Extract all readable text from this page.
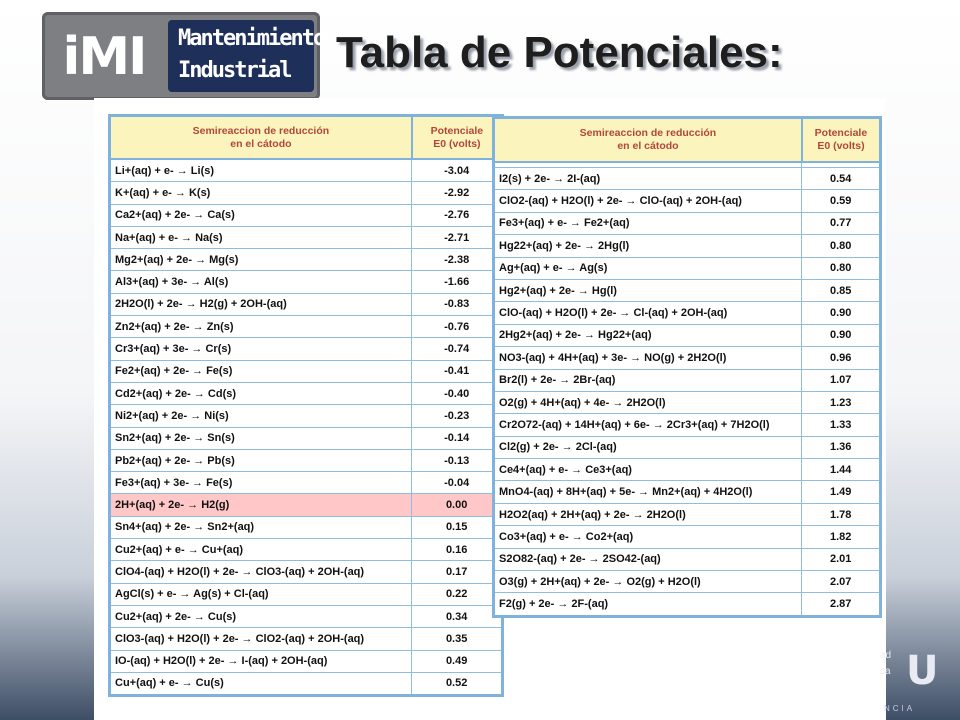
iMI	Mantenimiento
Industrial Tabla de Potenciales:
Semireaccion de reducción
en el cátodo	Potenciale
E0 (volts)
Li+(aq) + e- → Li(s)	-3.04
K+(aq) + e- → K(s)	-2.92
Ca2+(aq) + 2e- → Ca(s)	-2.76
Na+(aq) + e- → Na(s)	-2.71
Mg2+(aq) + 2e- → Mg(s)	-2.38
Al3+(aq) + 3e- → Al(s)	-1.66
2H2O(l) + 2e- → H2(g) + 2OH-(aq)	-0.83
Zn2+(aq) + 2e- → Zn(s)	-0.76
Cr3+(aq) + 3e- → Cr(s)	-0.74
Fe2+(aq) + 2e- → Fe(s)	-0.41
Cd2+(aq) + 2e- → Cd(s)	-0.40
Ni2+(aq) + 2e- → Ni(s)	-0.23
Sn2+(aq) + 2e- → Sn(s)	-0.14
Pb2+(aq) + 2e- → Pb(s)	-0.13
Fe3+(aq) + 3e- → Fe(s)	-0.04
2H+(aq) + 2e- → H2(g)	0.00
Sn4+(aq) + 2e- → Sn2+(aq)	0.15
Cu2+(aq) + e- → Cu+(aq)	0.16
ClO4-(aq) + H2O(l) + 2e- → ClO3-(aq) + 2OH-(aq)	0.17
AgCl(s) + e- → Ag(s) + Cl-(aq)	0.22
Cu2+(aq) + 2e- → Cu(s)	0.34
ClO3-(aq) + H2O(l) + 2e- → ClO2-(aq) + 2OH-(aq)	0.35
IO-(aq) + H2O(l) + 2e- → I-(aq) + 2OH-(aq)	0.49
Cu+(aq) + e- → Cu(s)	0.52
Semireaccion de reducción
en el cátodo	Potenciale
E0 (volts)

I2(s) + 2e- → 2I-(aq)	0.54
ClO2-(aq) + H2O(l) + 2e- → ClO-(aq) + 2OH-(aq)	0.59
Fe3+(aq) + e- → Fe2+(aq)	0.77
Hg22+(aq) + 2e- → 2Hg(l)	0.80
Ag+(aq) + e- → Ag(s)	0.80
Hg2+(aq) + 2e- → Hg(l)	0.85
ClO-(aq) + H2O(l) + 2e- → Cl-(aq) + 2OH-(aq)	0.90
2Hg2+(aq) + 2e- → Hg22+(aq)	0.90
NO3-(aq) + 4H+(aq) + 3e- → NO(g) + 2H2O(l)	0.96
Br2(l) + 2e- → 2Br-(aq)	1.07
O2(g) + 4H+(aq) + 4e- → 2H2O(l)	1.23
Cr2O72-(aq) + 14H+(aq) + 6e- → 2Cr3+(aq) + 7H2O(l)	1.33
Cl2(g) + 2e- → 2Cl-(aq)	1.36
Ce4+(aq) + e- → Ce3+(aq)	1.44
MnO4-(aq) + 8H+(aq) + 5e- → Mn2+(aq) + 4H2O(l)	1.49
H2O2(aq) + 2H+(aq) + 2e- → 2H2O(l)	1.78
Co3+(aq) + e- → Co2+(aq)	1.82
S2O82-(aq) + 2e- → 2SO42-(aq)	2.01
O3(g) + 2H+(aq) + 2e- → O2(g) + H2O(l)	2.07
F2(g) + 2e- → 2F-(aq)	2.87
ad
ca U
NCIA
